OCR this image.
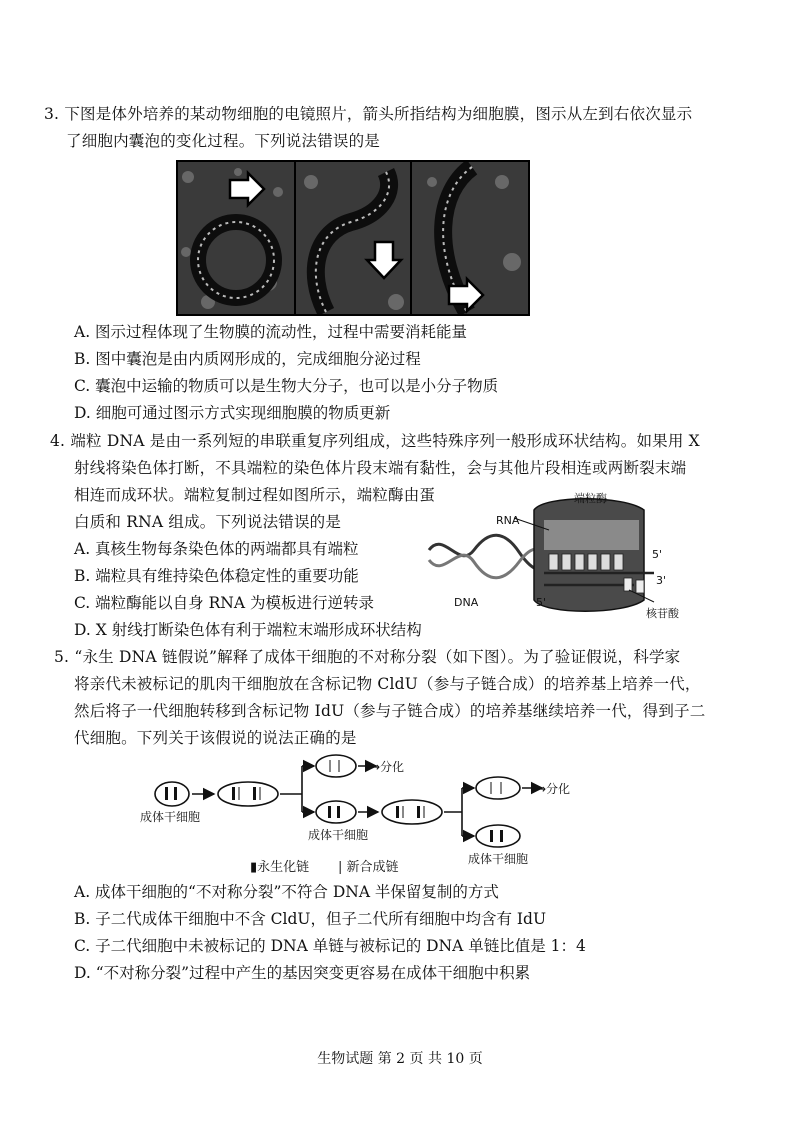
3. 下图是体外培养的某动物细胞的电镜照片，箭头所指结构为细胞膜，图示从左到右依次显示
了细胞内囊泡的变化过程。下列说法错误的是
A. 图示过程体现了生物膜的流动性，过程中需要消耗能量
B. 图中囊泡是由内质网形成的，完成细胞分泌过程
C. 囊泡中运输的物质可以是生物大分子，也可以是小分子物质
D. 细胞可通过图示方式实现细胞膜的物质更新
4. 端粒 DNA 是由一系列短的串联重复序列组成，这些特殊序列一般形成环状结构。如果用 X
射线将染色体打断，不具端粒的染色体片段末端有黏性，会与其他片段相连或两断裂末端
相连而成环状。端粒复制过程如图所示，端粒酶由蛋
白质和 RNA 组成。下列说法错误的是
A. 真核生物每条染色体的两端都具有端粒
B. 端粒具有维持染色体稳定性的重要功能
C. 端粒酶能以自身 RNA 为模板进行逆转录
D. X 射线打断染色体有利于端粒末端形成环状结构
端粒酶
RNA
DNA
5'
3'
5'
核苷酸
5. “永生 DNA 链假说”解释了成体干细胞的不对称分裂（如下图）。为了验证假说，科学家
将亲代未被标记的肌肉干细胞放在含标记物 CldU（参与子链合成）的培养基上培养一代，
然后将子一代细胞转移到含标记物 IdU（参与子链合成）的培养基继续培养一代，得到子二
代细胞。下列关于该假说的说法正确的是
成体干细胞
成体干细胞
成体干细胞
→分化
→分化
▮永生化链 | 新合成链
A. 成体干细胞的“不对称分裂”不符合 DNA 半保留复制的方式
B. 子二代成体干细胞中不含 CldU，但子二代所有细胞中均含有 IdU
C. 子二代细胞中未被标记的 DNA 单链与被标记的 DNA 单链比值是 1：4
D. “不对称分裂”过程中产生的基因突变更容易在成体干细胞中积累
生物试题 第 2 页 共 10 页
